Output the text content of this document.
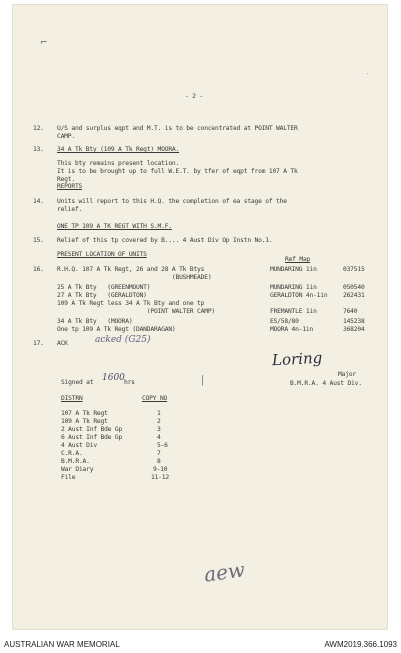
⌐
′
- 2 -
12. U/S and surplus eqpt and M.T. is to be concentrated at POINT WALTER
CAMP.
13. 34 A Tk Bty (109 A Tk Regt) MOORA.
This bty remains present location.
It is to be brought up to full W.E.T. by tfer of eqpt from 107 A Tk
Regt.
REPORTS
14. Units will report to this H.Q. the completion of ea stage of the
relief.
ONE TP 109 A TK REGT WITH S.M.F.
15. Relief of this tp covered by B.... 4 Aust Div Op Instn No.1.
PRESENT LOCATION OF UNITS
Ref Map
16. R.H.Q. 107 A Tk Regt, 26 and 28 A Tk Btys	MUNDARING 1in	037515
(BUSHMEADE)
25 A Tk Bty   (GREENMOUNT)	MUNDARING 1in	050540
27 A Tk Bty   (GERALDTON)	GERALDTON 4n-1in 262431
109 A Tk Regt less 34 A Tk Bty and one tp
(POINT WALTER CAMP)	FREMANTLE 1in	7640
34 A Tk Bty   (MOORA)	ES/58/80	145238
One tp 109 A Tk Regt (DANDARAGAN)	MOORA 4n-1in	368204
17. ACK	acked (G25)
Loring
Major
B.M.R.A. 4 Aust Div.
Signed at 1600 hrs
DISTRN	COPY NO
107 A Tk Regt	1
109 A Tk Regt	2
2 Aust Inf Bde Gp	3
6 Aust Inf Bde Gp	4
4 Aust Div	5-6
C.R.A.	7
B.M.R.A.	8
War Diary	9-10
File	11-12
╲
aew
AUSTRALIAN WAR MEMORIAL	AWM2019.366.1093
